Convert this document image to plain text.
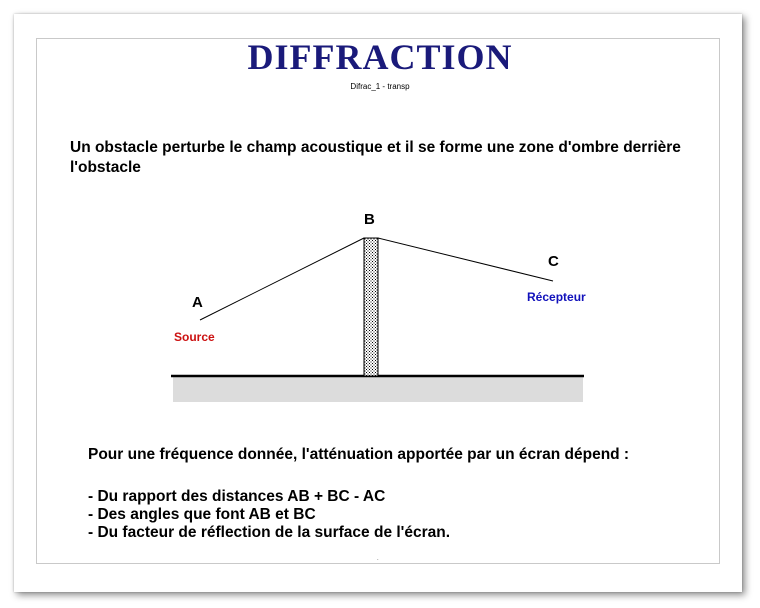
DIFFRACTION
Difrac_1 - transp

Un obstacle perturbe le champ acoustique et il se forme une zone d'ombre derrière l'obstacle

A
B
C
Source
Récepteur

Pour une fréquence donnée, l'atténuation apportée par un écran dépend :

- Du rapport des distances AB + BC - AC
- Des angles que font AB et BC
- Du facteur de réflection de la surface de l'écran.
.
